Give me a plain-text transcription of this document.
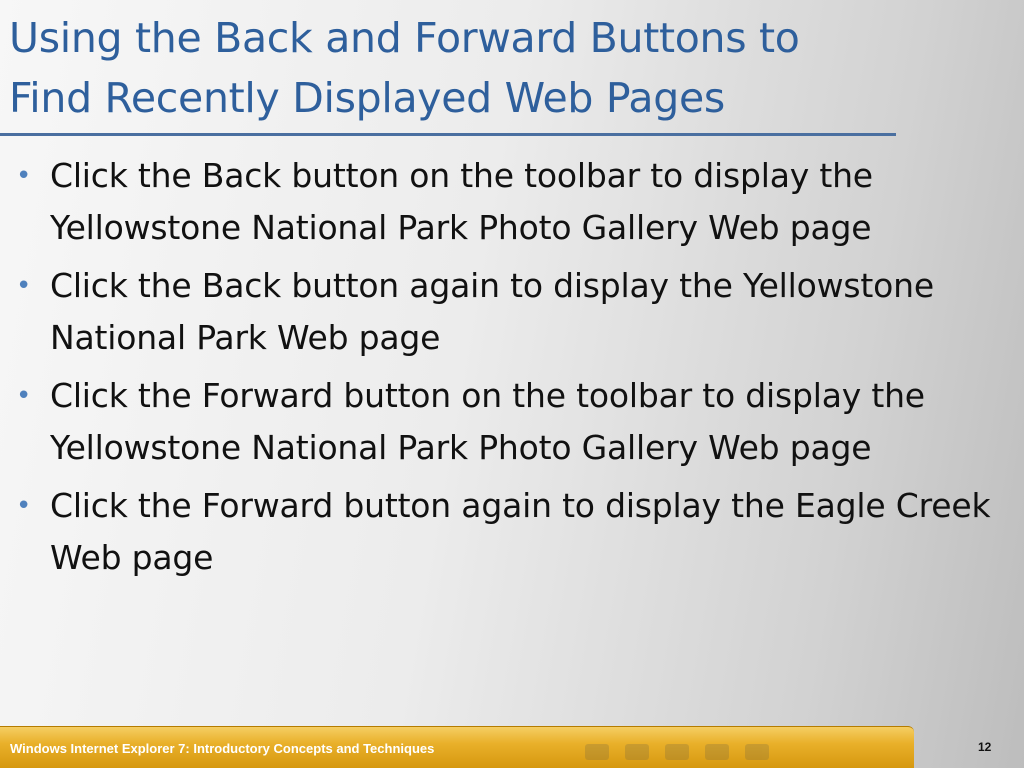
Using the Back and Forward Buttons to
Find Recently Displayed Web Pages
• Click the Back button on the toolbar to display the Yellowstone National Park Photo Gallery Web page
• Click the Back button again to display the Yellowstone National Park Web page
• Click the Forward button on the toolbar to display the Yellowstone National Park Photo Gallery Web page
• Click the Forward button again to display the Eagle Creek Web page
Windows Internet Explorer 7: Introductory Concepts and Techniques	12
